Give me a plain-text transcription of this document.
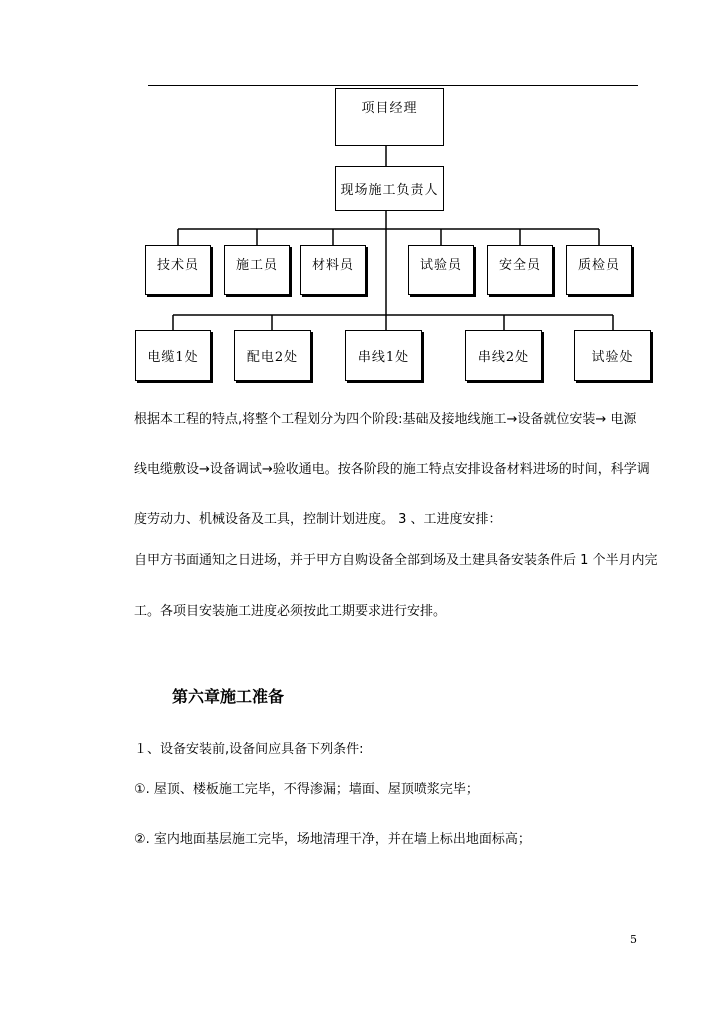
项目经理
现场施工负责人
技术员	施工员	材料员	试验员	安全员	质检员
电缆1处	配电2处	串线1处	串线2处	试验处

根据本工程的特点,将整个工程划分为四个阶段:基础及接地线施工→设备就位安装→ 电源

线电缆敷设→设备调试→验收通电。按各阶段的施工特点安排设备材料进场的时间，科学调

度劳动力、机械设备及工具，控制计划进度。 3 、工进度安排：

自甲方书面通知之日进场，并于甲方自购设备全部到场及土建具备安装条件后 1 个半月内完

工。各项目安装施工进度必须按此工期要求进行安排。

第六章施工准备

１、设备安装前,设备间应具备下列条件:

①. 屋顶、楼板施工完毕，不得渗漏；墙面、屋顶喷浆完毕；

②. 室内地面基层施工完毕，场地清理干净，并在墙上标出地面标高；

5
